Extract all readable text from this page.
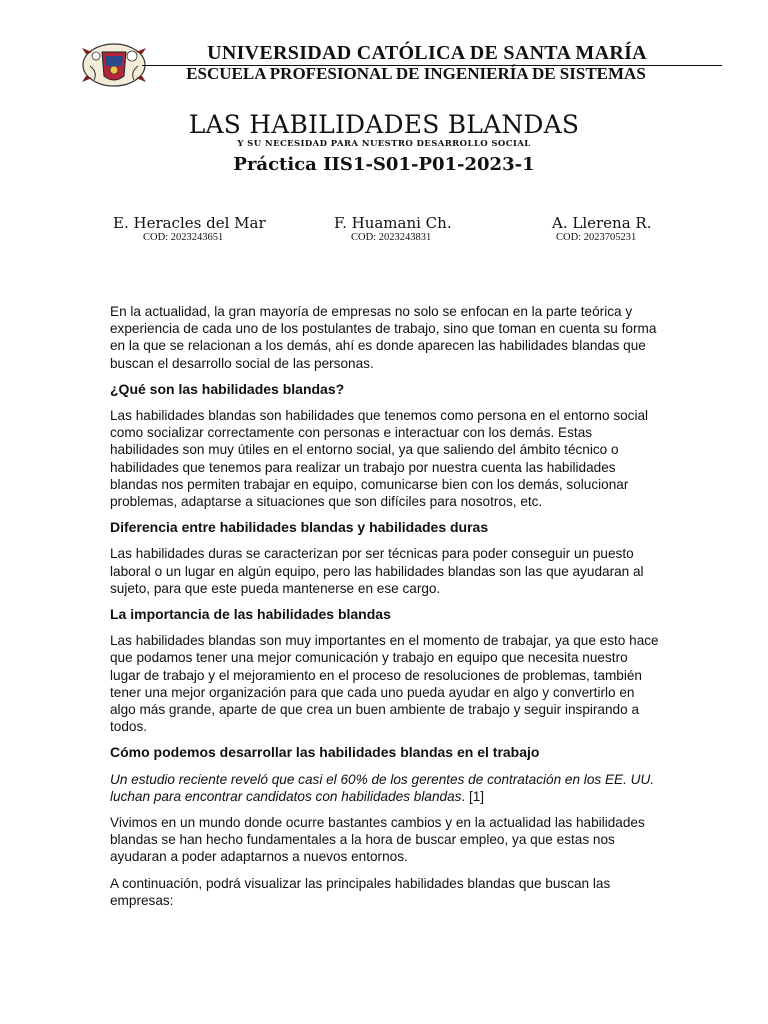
UNIVERSIDAD CATÓLICA DE SANTA MARÍA
ESCUELA PROFESIONAL DE INGENIERÍA DE SISTEMAS
LAS HABILIDADES BLANDAS
Y SU NECESIDAD PARA NUESTRO DESARROLLO SOCIAL
Práctica IIS1-S01-P01-2023-1
E. Heracles del Mar
COD: 2023243651
F. Huamani Ch.
COD: 2023243831
A. Llerena R.
COD: 2023705231

En la actualidad, la gran mayoría de empresas no solo se enfocan en la parte teórica y experiencia de cada uno de los postulantes de trabajo, sino que toman en cuenta su forma en la que se relacionan a los demás, ahí es donde aparecen las habilidades blandas que buscan el desarrollo social de las personas.

¿Qué son las habilidades blandas?

Las habilidades blandas son habilidades que tenemos como persona en el entorno social como socializar correctamente con personas e interactuar con los demás. Estas habilidades son muy útiles en el entorno social, ya que saliendo del ámbito técnico o habilidades que tenemos para realizar un trabajo por nuestra cuenta las habilidades blandas nos permiten trabajar en equipo, comunicarse bien con los demás, solucionar problemas, adaptarse a situaciones que son difíciles para nosotros, etc.

Diferencia entre habilidades blandas y habilidades duras

Las habilidades duras se caracterizan por ser técnicas para poder conseguir un puesto laboral o un lugar en algún equipo, pero las habilidades blandas son las que ayudaran al sujeto, para que este pueda mantenerse en ese cargo.

La importancia de las habilidades blandas

Las habilidades blandas son muy importantes en el momento de trabajar, ya que esto hace que podamos tener una mejor comunicación y trabajo en equipo que necesita nuestro lugar de trabajo y el mejoramiento en el proceso de resoluciones de problemas, también tener una mejor organización para que cada uno pueda ayudar en algo y convertirlo en algo más grande, aparte de que crea un buen ambiente de trabajo y seguir inspirando a todos.

Cómo podemos desarrollar las habilidades blandas en el trabajo

Un estudio reciente reveló que casi el 60% de los gerentes de contratación en los EE. UU. luchan para encontrar candidatos con habilidades blandas. [1]

Vivimos en un mundo donde ocurre bastantes cambios y en la actualidad las habilidades blandas se han hecho fundamentales a la hora de buscar empleo, ya que estas nos ayudaran a poder adaptarnos a nuevos entornos.

A continuación, podrá visualizar las principales habilidades blandas que buscan las empresas:
